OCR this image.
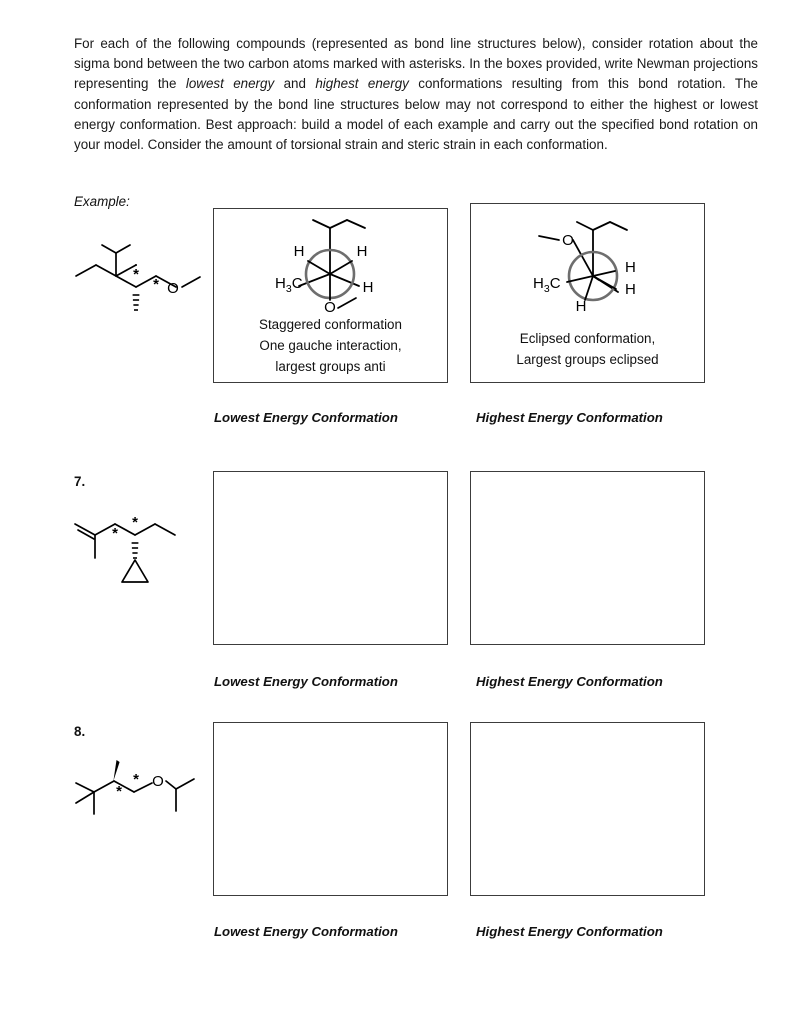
For each of the following compounds (represented as bond line structures below), consider rotation about the sigma bond between the two carbon atoms marked with asterisks. In the boxes provided, write Newman projections representing the lowest energy and highest energy conformations resulting from this bond rotation. The conformation represented by the bond line structures below may not correspond to either the highest or lowest energy conformation. Best approach: build a model of each example and carry out the specified bond rotation on your model. Consider the amount of torsional strain and steric strain in each conformation.
Example:
O
*
*
H	H
H
$H_3C$
O
Staggered conformation
One gauche interaction,
largest groups anti
O
H
H
H
$H_3C$
Eclipsed conformation,
Largest groups eclipsed
Lowest Energy Conformation	Highest Energy Conformation
7.
*
*
Lowest Energy Conformation	Highest Energy Conformation
8.
O
*
*
Lowest Energy Conformation	Highest Energy Conformation
